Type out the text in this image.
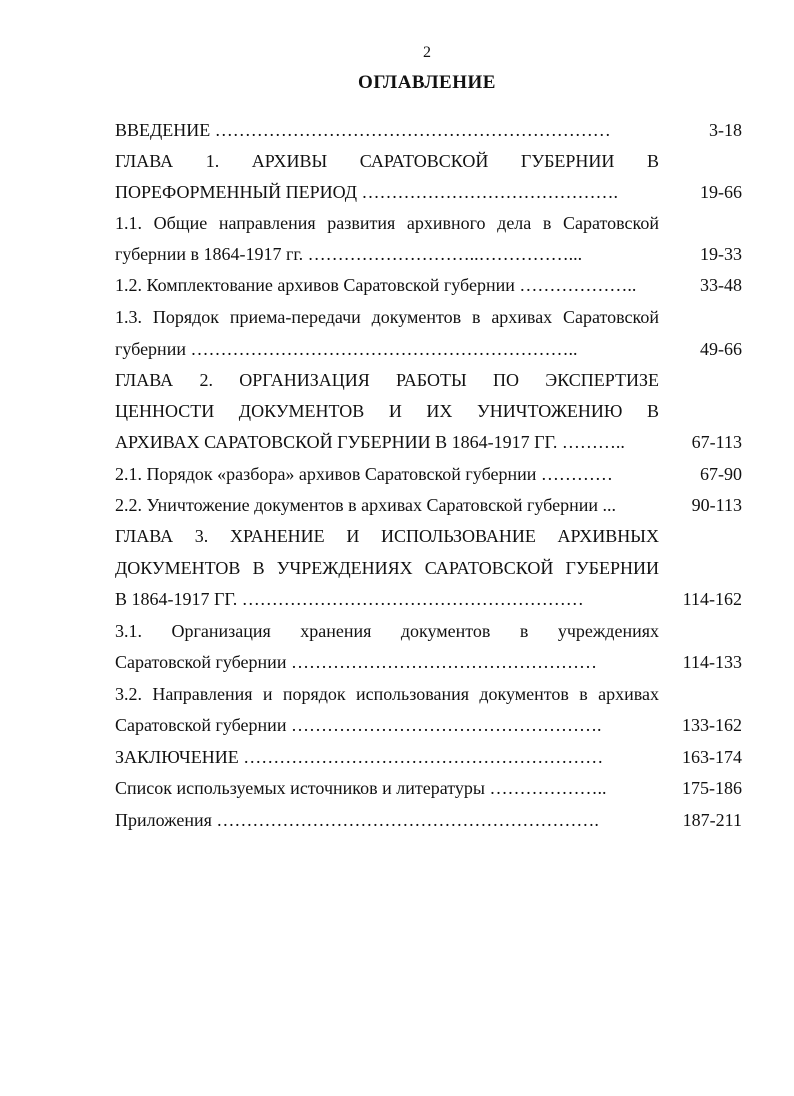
2
ОГЛАВЛЕНИЕ
ВВЕДЕНИЕ …………………………………………………………	3-18
ГЛАВА 1. АРХИВЫ САРАТОВСКОЙ ГУБЕРНИИ В
ПОРЕФОРМЕННЫЙ ПЕРИОД …………………………………….	19-66
1.1. Общие направления развития архивного дела в Саратовской
губернии в 1864-1917 гг. ………………………..……………...	19-33
1.2. Комплектование архивов Саратовской губернии ………………..	33-48
1.3. Порядок приема-передачи документов в архивах Саратовской
губернии ………………………………………………………..	49-66
ГЛАВА 2. ОРГАНИЗАЦИЯ РАБОТЫ ПО ЭКСПЕРТИЗЕ
ЦЕННОСТИ ДОКУМЕНТОВ И ИХ УНИЧТОЖЕНИЮ В
АРХИВАХ САРАТОВСКОЙ ГУБЕРНИИ В 1864-1917 ГГ. ………..	67-113
2.1. Порядок «разбора» архивов Саратовской губернии …………	67-90
2.2. Уничтожение документов в архивах Саратовской губернии ...	90-113
ГЛАВА 3. ХРАНЕНИЕ И ИСПОЛЬЗОВАНИЕ АРХИВНЫХ
ДОКУМЕНТОВ В УЧРЕЖДЕНИЯХ САРАТОВСКОЙ ГУБЕРНИИ
В 1864-1917 ГГ. …………………………………………………	114-162
3.1. Организация хранения документов в учреждениях
Саратовской губернии ……………………………………………	114-133
3.2. Направления и порядок использования документов в архивах
Саратовской губернии …………………………………………….	133-162
ЗАКЛЮЧЕНИЕ ……………………………………………………	163-174
Список используемых источников и литературы ………………..	175-186
Приложения ……………………………………………………….	187-211
